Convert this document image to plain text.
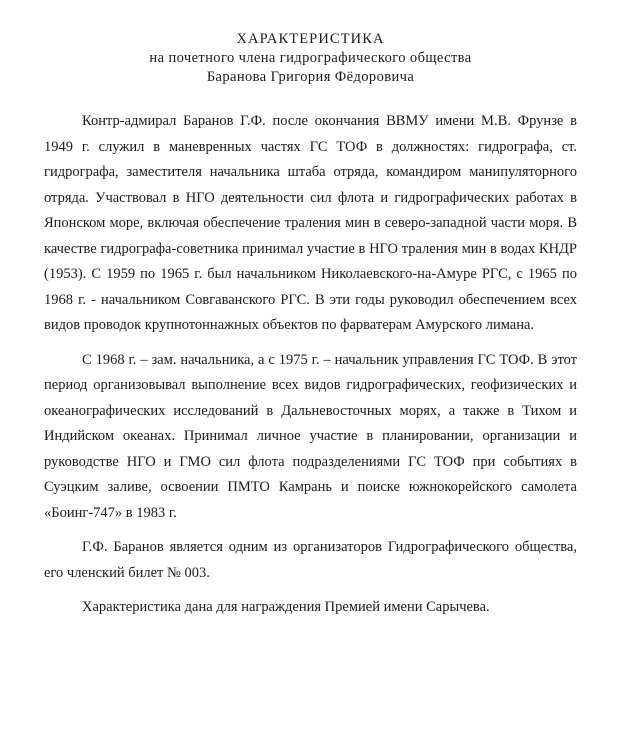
ХАРАКТЕРИСТИКА
на почетного члена гидрографического общества
Баранова Григория Фёдоровича

Контр-адмирал Баранов Г.Ф. после окончания ВВМУ имени М.В. Фрунзе в 1949 г. служил в маневренных частях ГС ТОФ в должностях: гидрографа, ст. гидрографа, заместителя начальника штаба отряда, командиром манипуляторного отряда. Участвовал в НГО деятельности сил флота и гидрографических работах в Японском море, включая обеспечение траления мин в северо-западной части моря. В качестве гидрографа-советника принимал участие в НГО траления мин в водах КНДР (1953). С 1959 по 1965 г. был начальником Николаевского-на-Амуре РГС, с 1965 по 1968 г. - начальником Совгаванского РГС. В эти годы руководил обеспечением всех видов проводок крупнотоннажных объектов по фарватерам Амурского лимана.

С 1968 г. – зам. начальника, а с 1975 г. – начальник управления ГС ТОФ. В этот период организовывал выполнение всех видов гидрографических, геофизических и океанографических исследований в Дальневосточных морях, а также в Тихом и Индийском океанах. Принимал личное участие в планировании, организации и руководстве НГО и ГМО сил флота подразделениями ГС ТОФ при событиях в Суэцким заливе, освоении ПМТО Камрань и поиске южнокорейского самолета «Боинг-747» в 1983 г.

Г.Ф. Баранов является одним из организаторов Гидрографического общества, его членский билет № 003.

Характеристика дана для награждения Премией имени Сарычева.
